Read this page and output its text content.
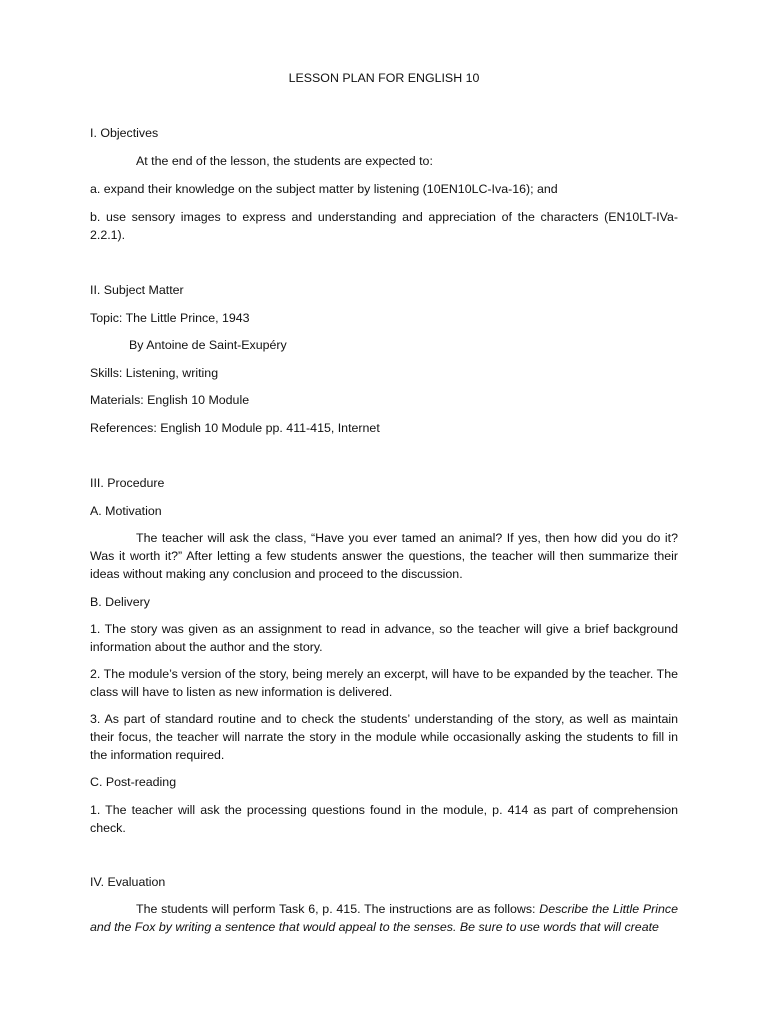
LESSON PLAN FOR ENGLISH 10
I. Objectives
At the end of the lesson, the students are expected to:
a. expand their knowledge on the subject matter by listening (10EN10LC-Iva-16); and
b. use sensory images to express and understanding and appreciation of the characters (EN10LT-IVa-2.2.1).
II. Subject Matter
Topic: The Little Prince, 1943
By Antoine de Saint-Exupéry
Skills: Listening, writing
Materials: English 10 Module
References: English 10 Module pp. 411-415, Internet
III. Procedure
A. Motivation
The teacher will ask the class, “Have you ever tamed an animal? If yes, then how did you do it? Was it worth it?” After letting a few students answer the questions, the teacher will then summarize their ideas without making any conclusion and proceed to the discussion.
B. Delivery
1. The story was given as an assignment to read in advance, so the teacher will give a brief background information about the author and the story.
2. The module’s version of the story, being merely an excerpt, will have to be expanded by the teacher. The class will have to listen as new information is delivered.
3. As part of standard routine and to check the students’ understanding of the story, as well as maintain their focus, the teacher will narrate the story in the module while occasionally asking the students to fill in the information required.
C. Post-reading
1. The teacher will ask the processing questions found in the module, p. 414 as part of comprehension check.
IV. Evaluation
The students will perform Task 6, p. 415. The instructions are as follows: Describe the Little Prince and the Fox by writing a sentence that would appeal to the senses. Be sure to use words that will create
